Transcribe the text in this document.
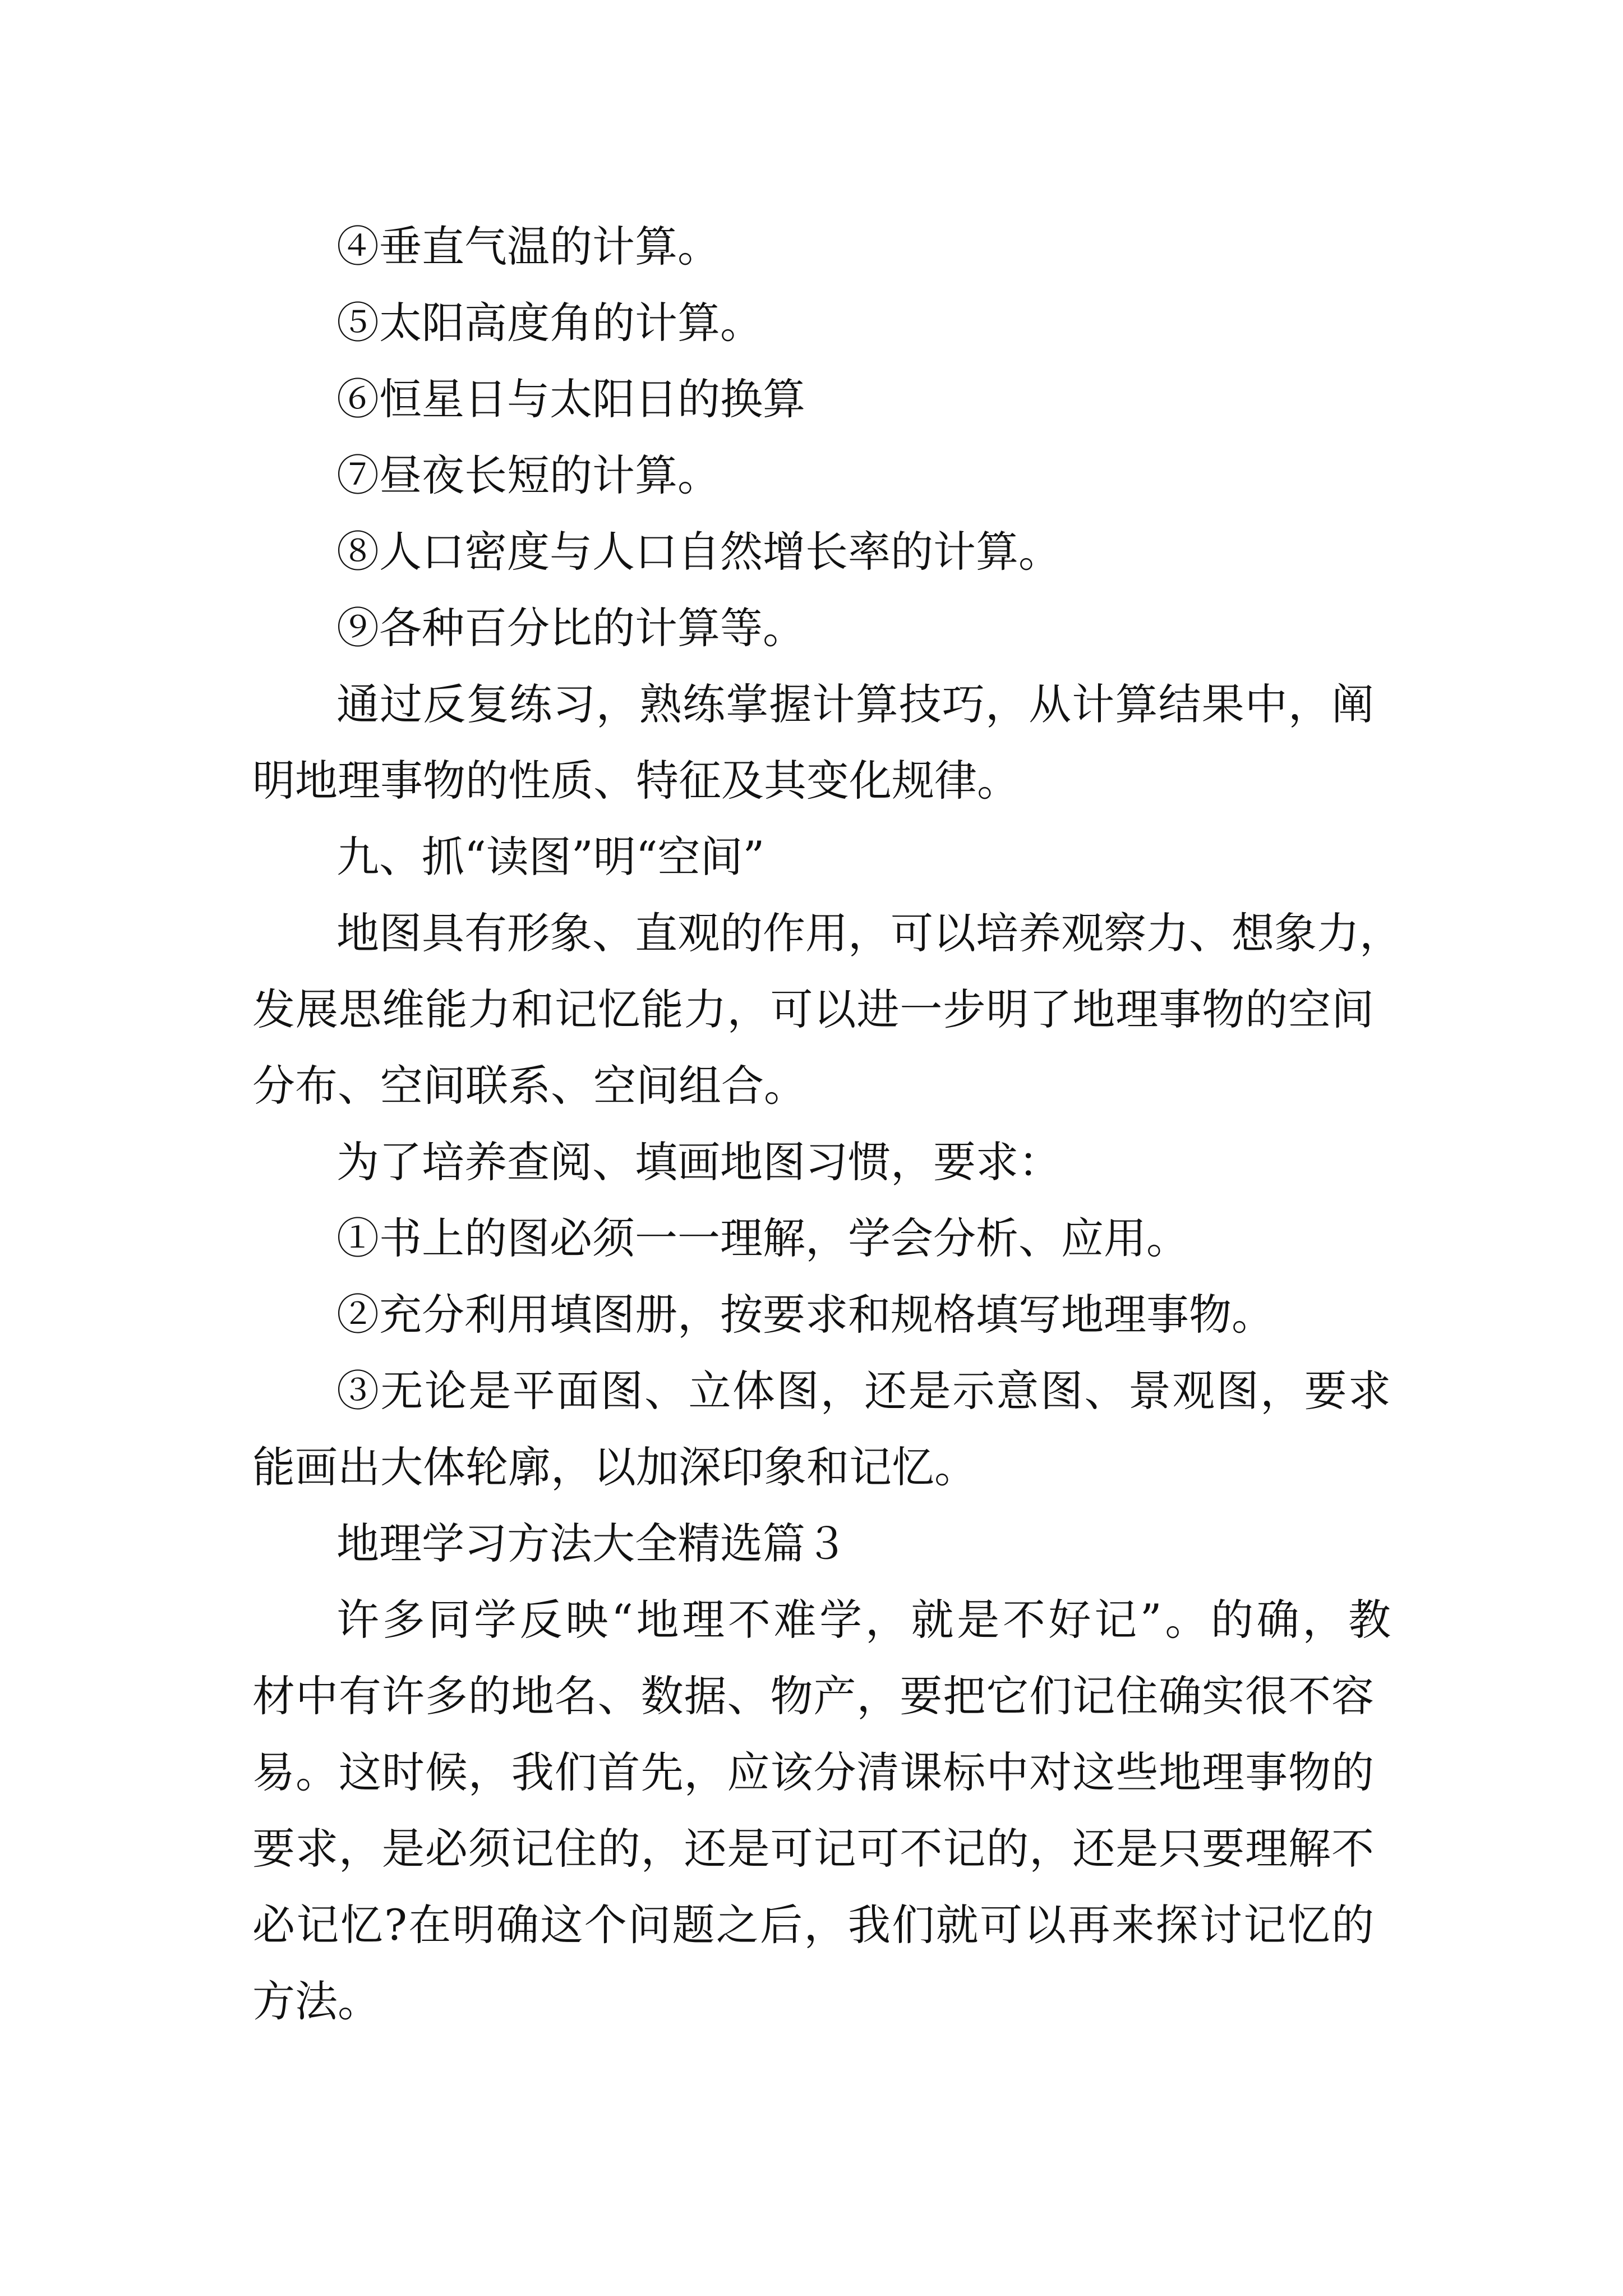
④垂直气温的计算。
⑤太阳高度角的计算。
⑥恒星日与太阳日的换算
⑦昼夜长短的计算。
⑧人口密度与人口自然增长率的计算。
⑨各种百分比的计算等。
通过反复练习，熟练掌握计算技巧，从计算结果中，阐
明地理事物的性质、特征及其变化规律。
九、抓“读图”明“空间”
地图具有形象、直观的作用，可以培养观察力、想象力，
发展思维能力和记忆能力，可以进一步明了地理事物的空间
分布、空间联系、空间组合。
为了培养查阅、填画地图习惯，要求：
①书上的图必须一一理解，学会分析、应用。
②充分利用填图册，按要求和规格填写地理事物。
③无论是平面图、立体图，还是示意图、景观图，要求
能画出大体轮廓，以加深印象和记忆。
地理学习方法大全精选篇３
许多同学反映“地理不难学，就是不好记”。的确，教
材中有许多的地名、数据、物产，要把它们记住确实很不容
易。这时候，我们首先，应该分清课标中对这些地理事物的
要求，是必须记住的，还是可记可不记的，还是只要理解不
必记忆?在明确这个问题之后，我们就可以再来探讨记忆的
方法。
